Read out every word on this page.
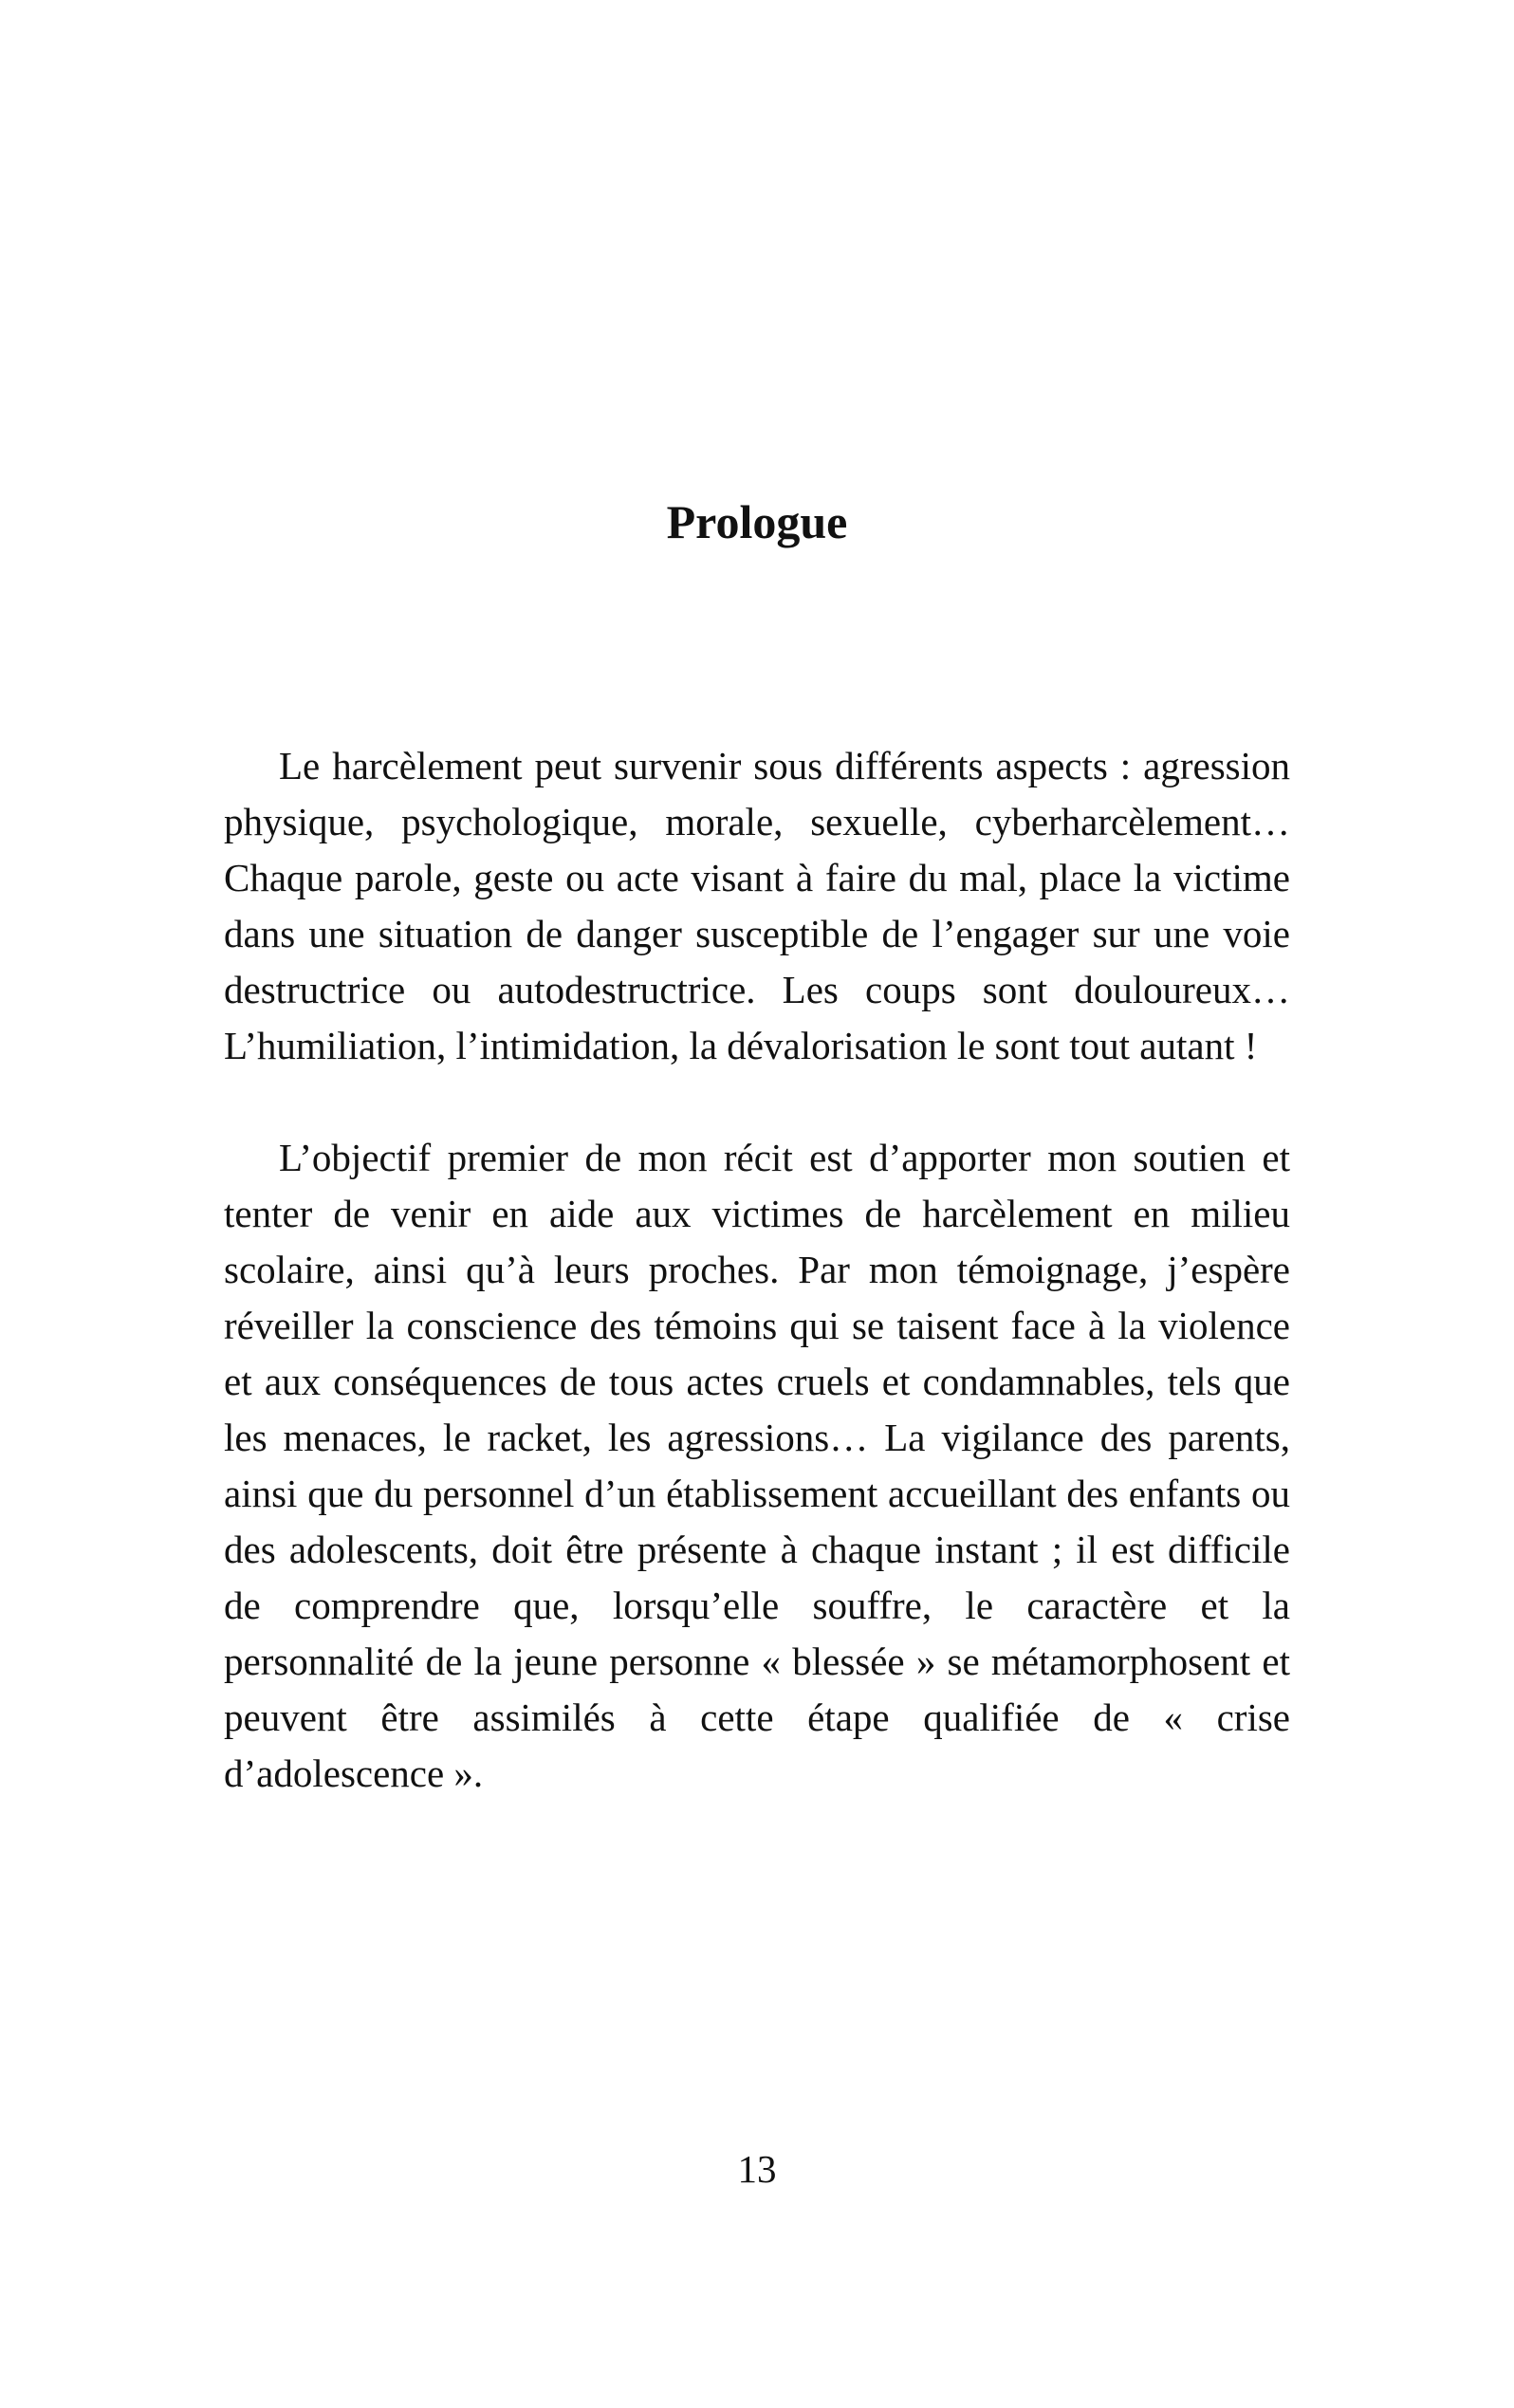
Prologue

Le harcèlement peut survenir sous différents aspects : agression physique, psychologique, morale, sexuelle, cyberharcèlement… Chaque parole, geste ou acte visant à faire du mal, place la victime dans une situation de danger susceptible de l’engager sur une voie destructrice ou autodestructrice. Les coups sont douloureux… L’humiliation, l’intimidation, la dévalorisation le sont tout autant !

L’objectif premier de mon récit est d’apporter mon soutien et tenter de venir en aide aux victimes de harcèlement en milieu scolaire, ainsi qu’à leurs proches. Par mon témoignage, j’espère réveiller la conscience des témoins qui se taisent face à la violence et aux conséquences de tous actes cruels et condamnables, tels que les menaces, le racket, les agressions… La vigilance des parents, ainsi que du personnel d’un établissement accueillant des enfants ou des adolescents, doit être présente à chaque instant ; il est difficile de comprendre que, lorsqu’elle souffre, le caractère et la personnalité de la jeune personne « blessée » se métamorphosent et peuvent être assimilés à cette étape qualifiée de « crise d’adolescence ».

13
